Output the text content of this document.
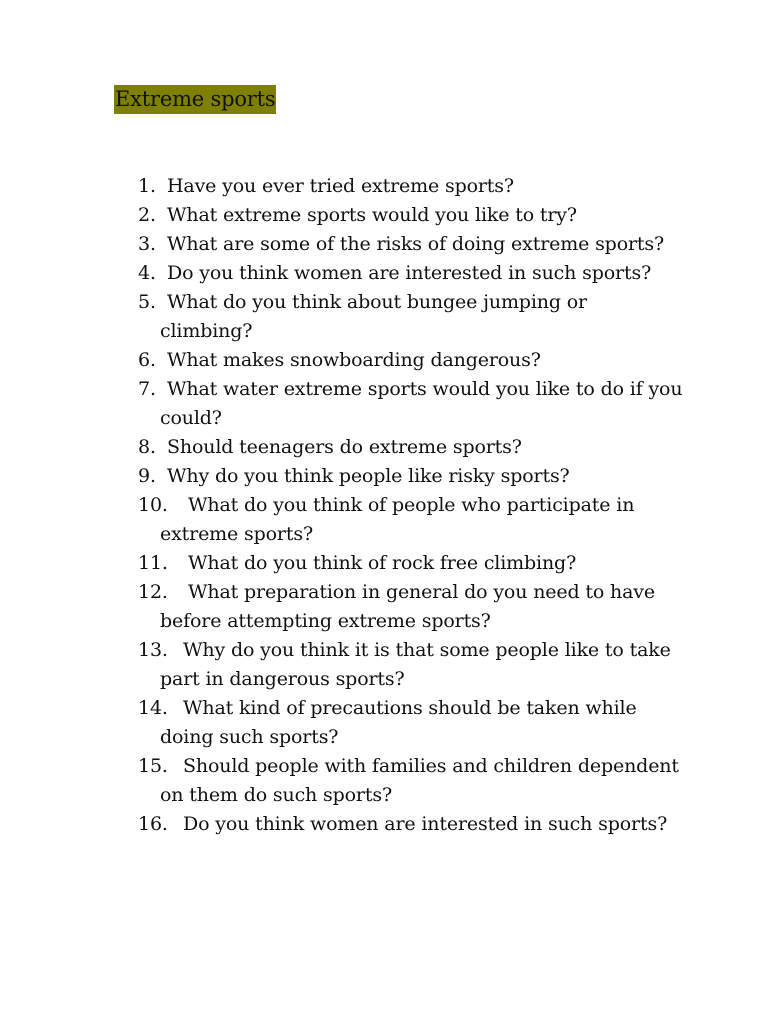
Extreme sports
1. Have you ever tried extreme sports?
2. What extreme sports would you like to try?
3. What are some of the risks of doing extreme sports?
4. Do you think women are interested in such sports?
5. What do you think about bungee jumping or
climbing?
6. What makes snowboarding dangerous?
7. What water extreme sports would you like to do if you
could?
8. Should teenagers do extreme sports?
9. Why do you think people like risky sports?
10. What do you think of people who participate in
extreme sports?
11. What do you think of rock free climbing?
12. What preparation in general do you need to have
before attempting extreme sports?
13. Why do you think it is that some people like to take
part in dangerous sports?
14. What kind of precautions should be taken while
doing such sports?
15. Should people with families and children dependent
on them do such sports?
16. Do you think women are interested in such sports?
